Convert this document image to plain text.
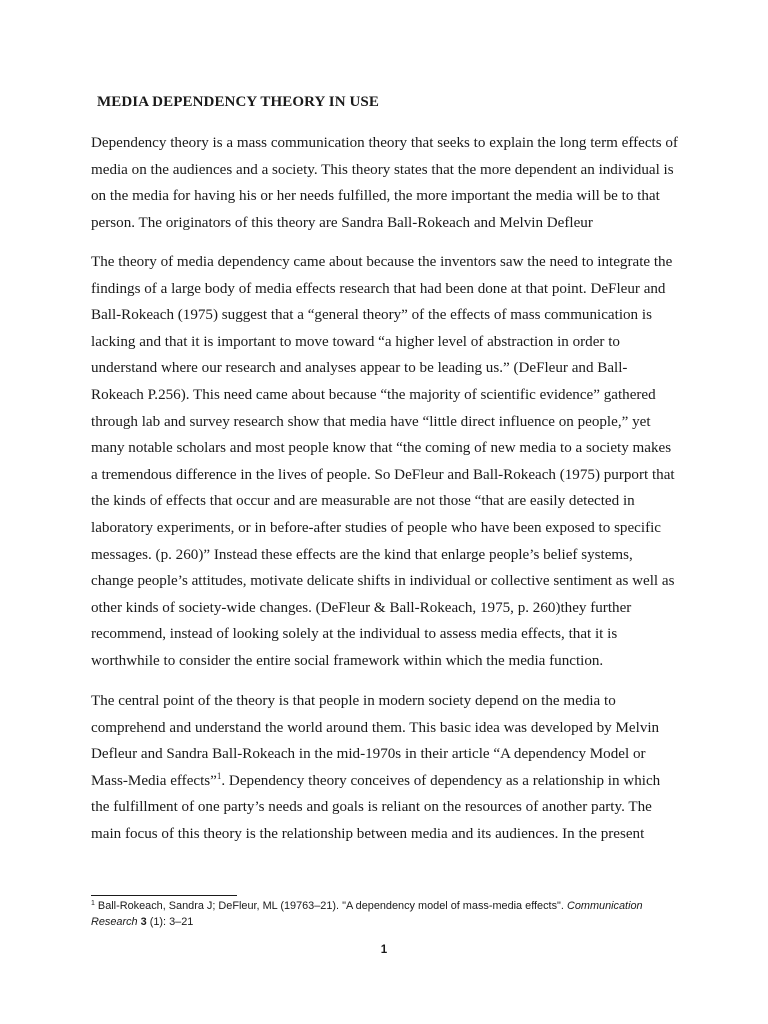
MEDIA DEPENDENCY THEORY IN USE

Dependency theory is a mass communication theory that seeks to explain the long term effects of
media on the audiences and a society. This theory states that the more dependent an individual is
on the media for having his or her needs fulfilled, the more important the media will be to that
person. The originators of this theory are Sandra Ball-Rokeach and Melvin Defleur

The theory of media dependency came about because the inventors saw the need to integrate the
findings of a large body of media effects research that had been done at that point. DeFleur and
Ball-Rokeach (1975) suggest that a “general theory” of the effects of mass communication is
lacking and that it is important to move toward “a higher level of abstraction in order to
understand where our research and analyses appear to be leading us.” (DeFleur and Ball-
Rokeach P.256). This need came about because “the majority of scientific evidence” gathered
through lab and survey research show that media have “little direct influence on people,” yet
many notable scholars and most people know that “the coming of new media to a society makes
a tremendous difference in the lives of people. So DeFleur and Ball-Rokeach (1975) purport that
the kinds of effects that occur and are measurable are not those “that are easily detected in
laboratory experiments, or in before-after studies of people who have been exposed to specific
messages. (p. 260)” Instead these effects are the kind that enlarge people’s belief systems,
change people’s attitudes, motivate delicate shifts in individual or collective sentiment as well as
other kinds of society-wide changes. (DeFleur & Ball-Rokeach, 1975, p. 260)they further
recommend, instead of looking solely at the individual to assess media effects, that it is
worthwhile to consider the entire social framework within which the media function.

The central point of the theory is that people in modern society depend on the media to
comprehend and understand the world around them. This basic idea was developed by Melvin
Defleur and Sandra Ball-Rokeach in the mid-1970s in their article “A dependency Model or
Mass-Media effects”$^1$. Dependency theory conceives of dependency as a relationship in which
the fulfillment of one party’s needs and goals is reliant on the resources of another party. The
main focus of this theory is the relationship between media and its audiences. In the present

$^1$ Ball-Rokeach, Sandra J; DeFleur, ML (19763–21). "A dependency model of mass-media effects". Communication
Research 3 (1): 3–21

1
